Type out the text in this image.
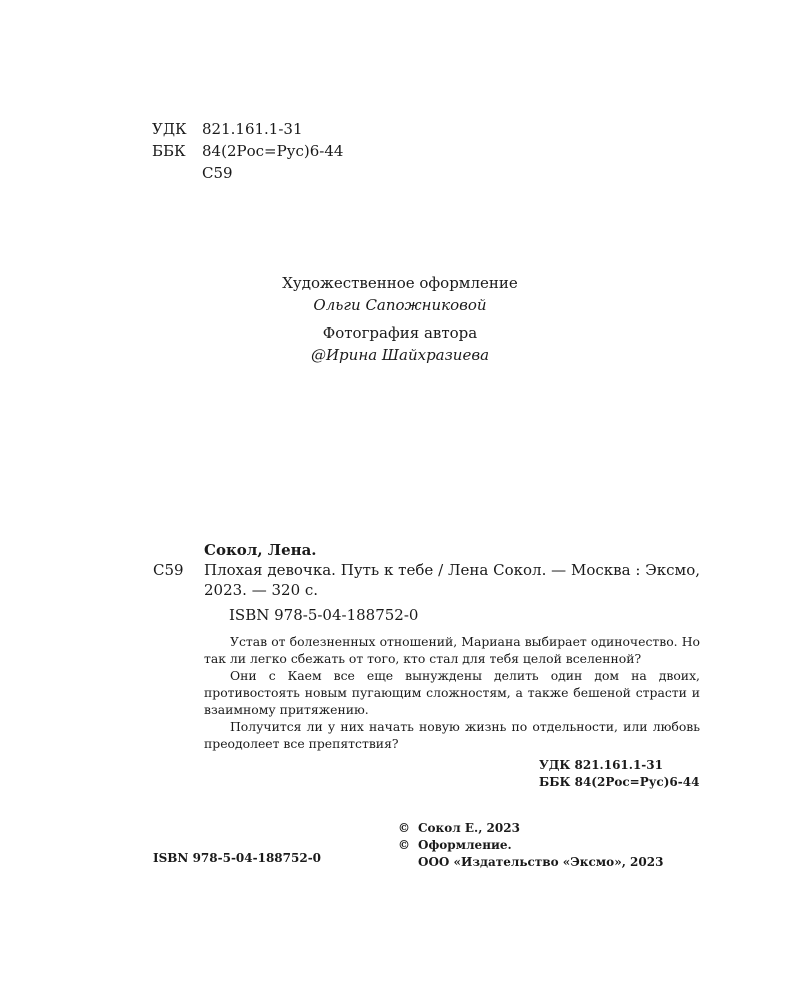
УДК	821.161.1-31
ББК	84(2Рос=Рус)6-44
С59
Художественное оформление
Ольги Сапожниковой
Фотография автора
@Ирина Шайхразиева
Сокол, Лена.
С59 Плохая девочка. Путь к тебе / Лена Сокол. — Москва : Эксмо, 2023. — 320 с.
ISBN 978-5-04-188752-0

Устав от болезненных отношений, Мариана выбирает одиночество. Но так ли легко сбежать от того, кто стал для тебя целой вселенной?

Они с Каем все еще вынуждены делить один дом на двоих, противостоять новым пугающим сложностям, а также бешеной страсти и взаимному притяжению.

Получится ли у них начать новую жизнь по отдельности, или любовь преодолеет все препятствия?

УДК 821.161.1-31
ББК 84(2Рос=Рус)6-44
© Сокол Е., 2023
© Оформление.
ООО «Издательство «Эксмо», 2023
ISBN 978-5-04-188752-0
